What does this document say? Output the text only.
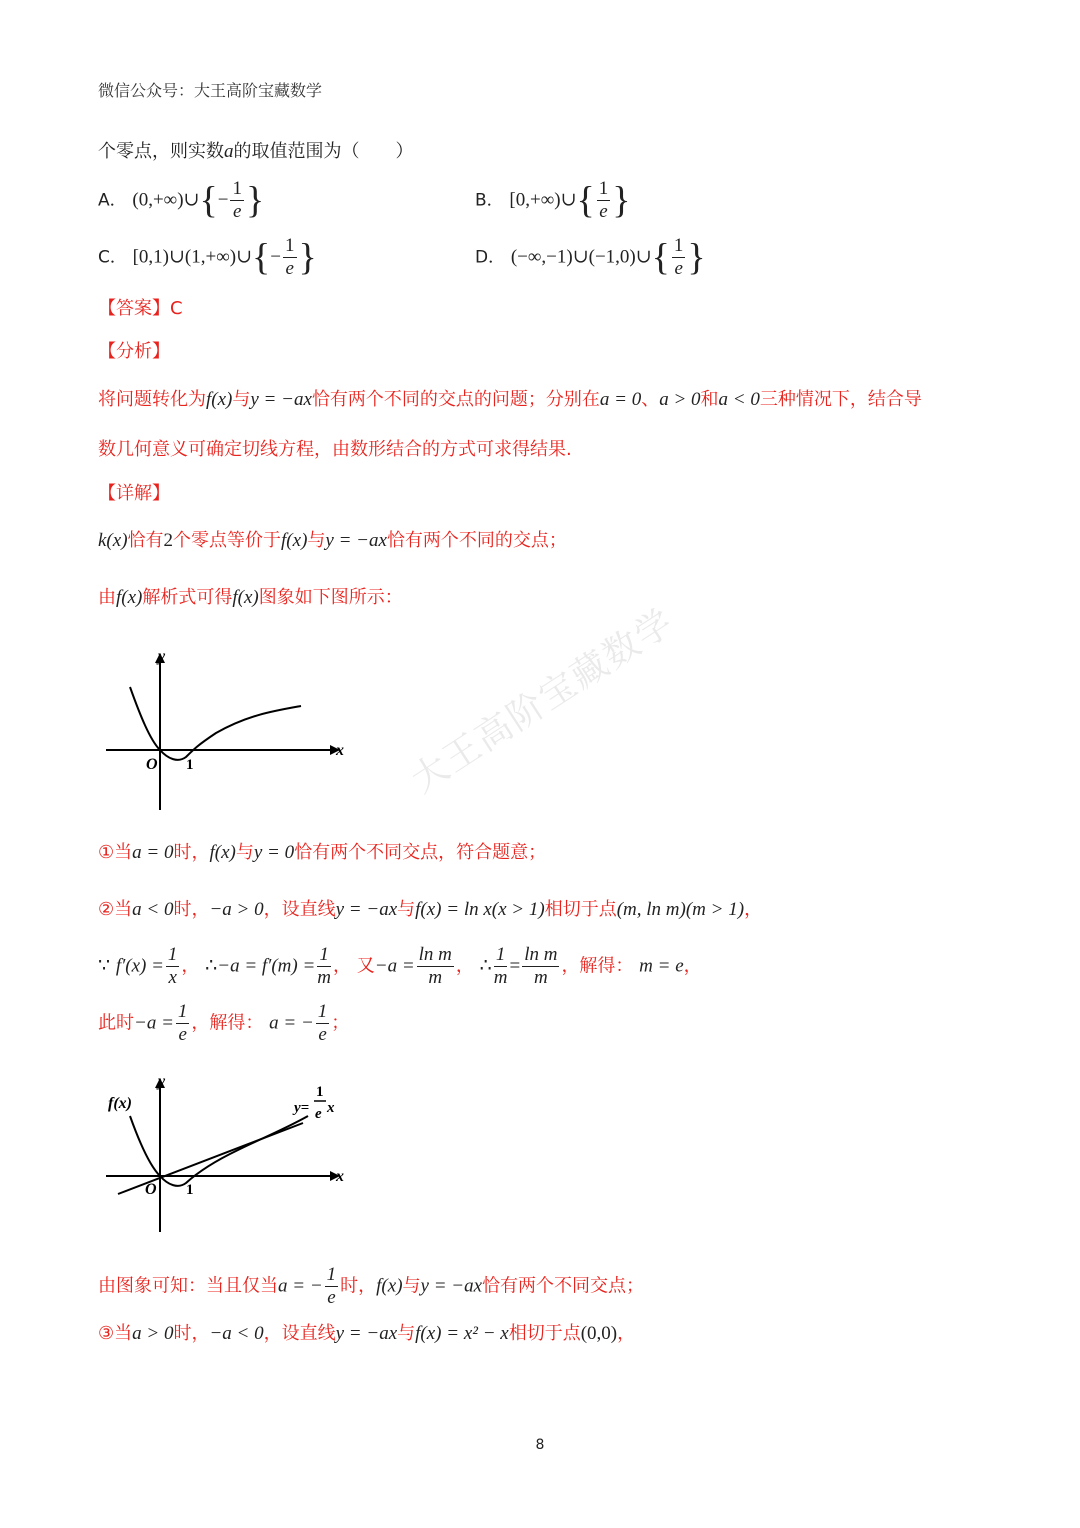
微信公众号：大王高阶宝藏数学
大王高阶宝藏数学
个零点，则实数a的取值范围为（　　）
A． (0,+∞)∪{− $\frac{1}{e}$ }	B． [0,+∞)∪{ $\frac{1}{e}$ }
C． [0,1)∪(1,+∞)∪{− $\frac{1}{e}$ }	D． (−∞,−1)∪(−1,0)∪{ $\frac{1}{e}$ }
【答案】C
【分析】
将问题转化为f(x)与y = −ax恰有两个不同的交点的问题；分别在a = 0、a > 0和a < 0三种情况下，结合导
数几何意义可确定切线方程，由数形结合的方式可求得结果.
【详解】
k(x)恰有2个零点等价于f(x)与y = −ax恰有两个不同的交点；
由f(x)解析式可得f(x)图象如下图所示：
y
x
O 1
①当a = 0时，f(x)与y = 0恰有两个不同交点，符合题意；
②当a < 0时，−a > 0，设直线y = −ax与f(x) = ln x(x > 1)相切于点(m, ln m)(m > 1)，
∵ $f'(x) = \frac{1}{x}$ ， ∴−a = $f'(m) = \frac{1}{m}$ ， 又$-a = \frac{\text{ln m}}{m}$ ， ∴ $\frac{1}{m} = \frac{\text{ln m}}{m}$ ，解得： m = e，
此时$-a = \frac{1}{e}$ ，解得： a = − $\frac{1}{e}$ ；
y
x
O 1
f(x)	y=
1
e x
由图象可知：当且仅当a = − $\frac{1}{e}$ 时，f(x)与y = −ax恰有两个不同交点；
③当a > 0时，−a < 0，设直线y = −ax与f(x) = x² − x相切于点(0,0)，
8
